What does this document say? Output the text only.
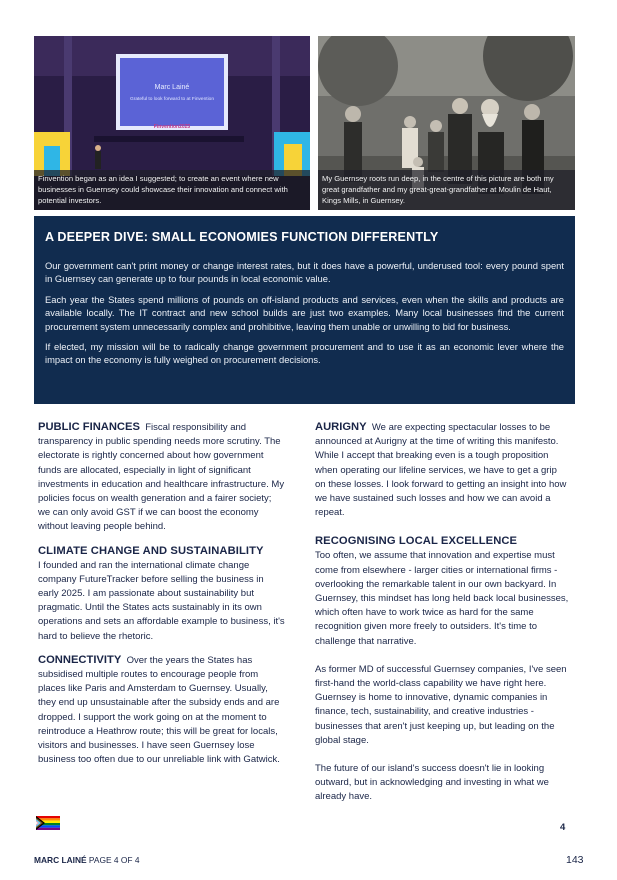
Marc Lainé
Grateful to look forward to at Finvention
Finvention2025
Finvention began as an idea I suggested; to create an event where new businesses in Guernsey could showcase their innovation and connect with potential investors.
My Guernsey roots run deep, in the centre of this picture are both my great grandfather and my great-great-grandfather at Moulin de Haut, Kings Mills, in Guernsey.
A DEEPER DIVE: SMALL ECONOMIES FUNCTION DIFFERENTLY

Our government can't print money or change interest rates, but it does have a powerful, underused tool: every pound spent in Guernsey can generate up to four pounds in local economic value.

Each year the States spend millions of pounds on off-island products and services, even when the skills and products are available locally. The IT contract and new school builds are just two examples. Many local businesses find the current procurement system unnecessarily complex and prohibitive, leaving them unable or unwilling to bid for business.

If elected, my mission will be to radically change government procurement and to use it as an economic lever where the impact on the economy is fully weighed on procurement decisions.

PUBLIC FINANCES Fiscal responsibility and transparency in public spending needs more scrutiny. The electorate is rightly concerned about how government funds are allocated, especially in light of significant investments in education and healthcare infrastructure. My policies focus on wealth generation and a fairer society; we can only avoid GST if we can boost the economy without leaving people behind.

CLIMATE CHANGE AND SUSTAINABILITY

I founded and ran the international climate change company FutureTracker before selling the business in early 2025. I am passionate about sustainability but pragmatic. Until the States acts sustainably in its own operations and sets an affordable example to business, it's hard to believe the rhetoric.

CONNECTIVITY Over the years the States has subsidised multiple routes to encourage people from places like Paris and Amsterdam to Guernsey. Usually, they end up unsustainable after the subsidy ends and are dropped. I support the work going on at the moment to reintroduce a Heathrow route; this will be great for locals, visitors and businesses. I have seen Guernsey lose business too often due to our unreliable link with Gatwick.

AURIGNY We are expecting spectacular losses to be announced at Aurigny at the time of writing this manifesto. While I accept that breaking even is a tough proposition when operating our lifeline services, we have to get a grip on these losses. I look forward to getting an insight into how we have sustained such losses and how we can avoid a repeat.

RECOGNISING LOCAL EXCELLENCE

Too often, we assume that innovation and expertise must come from elsewhere - larger cities or international firms - overlooking the remarkable talent in our own backyard. In Guernsey, this mindset has long held back local businesses, which often have to work twice as hard for the same recognition given more freely to outsiders. It's time to challenge that narrative.

As former MD of successful Guernsey companies, I've seen first-hand the world-class capability we have right here. Guernsey is home to innovative, dynamic companies in finance, tech, sustainability, and creative industries - businesses that aren't just keeping up, but leading on the global stage.

The future of our island's success doesn't lie in looking outward, but in acknowledging and investing in what we already have.

4
MARC LAINÉ PAGE 4 OF 4	143
